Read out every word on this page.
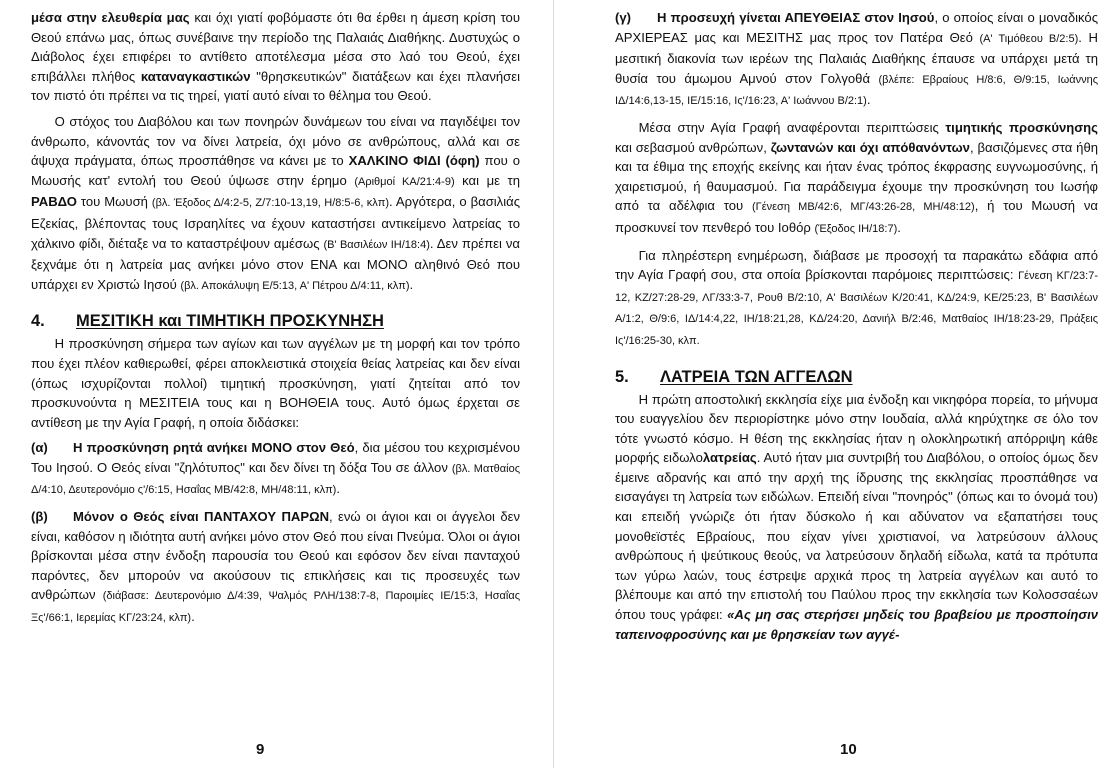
μέσα στην ελευθερία μας και όχι γιατί φοβόμαστε ότι θα έρθει η άμεση κρίση του Θεού επάνω μας, όπως συνέβαινε την περίοδο της Παλαιάς Διαθήκης. Δυστυχώς ο Διάβολος έχει επιφέρει το αντίθετο αποτέλεσμα μέσα στο λαό του Θεού, έχει επιβάλλει πλήθος καταναγκαστικών "θρησκευτικών" διατάξεων και έχει πλανήσει τον πιστό ότι πρέπει να τις τηρεί, γιατί αυτό είναι το θέλημα του Θεού.

Ο στόχος του Διαβόλου και των πονηρών δυνάμεων του είναι να παγιδέψει τον άνθρωπο, κάνοντάς τον να δίνει λατρεία, όχι μόνο σε ανθρώπους, αλλά και σε άψυχα πράγματα, όπως προσπάθησε να κάνει με το ΧΑΛΚΙΝΟ ΦΙΔΙ (όφη) που ο Μωυσής κατ' εντολή του Θεού ύψωσε στην έρημο (Αριθμοί ΚΑ/21:4-9) και με τη ΡΑΒΔΟ του Μωυσή (βλ. Έξοδος Δ/4:2-5, Ζ/7:10-13,19, Η/8:5-6, κλπ). Αργότερα, ο βασιλιάς Εζεκίας, βλέποντας τους Ισραηλίτες να έχουν καταστήσει αντικείμενο λατρείας το χάλκινο φίδι, διέταξε να το καταστρέψουν αμέσως (Β' Βασιλέων ΙΗ/18:4). Δεν πρέπει να ξεχνάμε ότι η λατρεία μας ανήκει μόνο στον ΕΝΑ και ΜΟΝΟ αληθινό Θεό που υπάρχει εν Χριστώ Ιησού (βλ. Αποκάλυψη Ε/5:13, Α' Πέτρου Δ/4:11, κλπ).

4. ΜΕΣΙΤΙΚΗ και ΤΙΜΗΤΙΚΗ ΠΡΟΣΚΥΝΗΣΗ

Η προσκύνηση σήμερα των αγίων και των αγγέλων με τη μορφή και τον τρόπο που έχει πλέον καθιερωθεί, φέρει αποκλειστικά στοιχεία θείας λατρείας και δεν είναι (όπως ισχυρίζονται πολλοί) τιμητική προσκύνηση, γιατί ζητείται από τον προσκυνούντα η ΜΕΣΙΤΕΙΑ τους και η ΒΟΗΘΕΙΑ τους. Αυτό όμως έρχεται σε αντίθεση με την Αγία Γραφή, η οποία διδάσκει:

(α) Η προσκύνηση ρητά ανήκει ΜΟΝΟ στον Θεό, δια μέσου του κεχρισμένου Του Ιησού. Ο Θεός είναι "ζηλότυπος" και δεν δίνει τη δόξα Του σε άλλον (βλ. Ματθαίος Δ/4:10, Δευτερονόμιο ς'/6:15, Ησαΐας ΜΒ/42:8, ΜΗ/48:11, κλπ).

(β) Μόνον ο Θεός είναι ΠΑΝΤΑΧΟΥ ΠΑΡΩΝ, ενώ οι άγιοι και οι άγγελοι δεν είναι, καθόσον η ιδιότητα αυτή ανήκει μόνο στον Θεό που είναι Πνεύμα. Όλοι οι άγιοι βρίσκονται μέσα στην ένδοξη παρουσία του Θεού και εφόσον δεν είναι πανταχού παρόντες, δεν μπορούν να ακούσουν τις επικλήσεις και τις προσευχές των ανθρώπων (διάβασε: Δευτερονόμιο Δ/4:39, Ψαλμός ΡΛΗ/138:7-8, Παροιμίες ΙΕ/15:3, Ησαΐας Ξς'/66:1, Ιερεμίας ΚΓ/23:24, κλπ).

9

(γ) Η προσευχή γίνεται ΑΠΕΥΘΕΙΑΣ στον Ιησού, ο οποίος είναι ο μοναδικός ΑΡΧΙΕΡΕΑΣ μας και ΜΕΣΙΤΗΣ μας προς τον Πατέρα Θεό (Α' Τιμόθεου Β/2:5). Η μεσιτική διακονία των ιερέων της Παλαιάς Διαθήκης έπαυσε να υπάρχει μετά τη θυσία του άμωμου Αμνού στον Γολγοθά (βλέπε: Εβραίους Η/8:6, Θ/9:15, Ιωάννης ΙΔ/14:6,13-15, ΙΕ/15:16, Ις'/16:23, Α' Ιωάννου Β/2:1).

Μέσα στην Αγία Γραφή αναφέρονται περιπτώσεις τιμητικής προσκύνησης και σεβασμού ανθρώπων, ζωντανών και όχι απόθανόντων, βασιζόμενες στα ήθη και τα έθιμα της εποχής εκείνης και ήταν ένας τρόπος έκφρασης ευγνωμοσύνης, ή χαιρετισμού, ή θαυμασμού. Για παράδειγμα έχουμε την προσκύνηση του Ιωσήφ από τα αδέλφια του (Γένεση ΜΒ/42:6, ΜΓ/43:26-28, ΜΗ/48:12), ή του Μωυσή να προσκυνεί τον πενθερό του Ιοθόρ (Έξοδος ΙΗ/18:7).

Για πληρέστερη ενημέρωση, διάβασε με προσοχή τα παρακάτω εδάφια από την Αγία Γραφή σου, στα οποία βρίσκονται παρόμοιες περιπτώσεις: Γένεση ΚΓ/23:7-12, ΚΖ/27:28-29, ΛΓ/33:3-7, Ρουθ Β/2:10, Α' Βασιλέων Κ/20:41, ΚΔ/24:9, ΚΕ/25:23, Β' Βασιλέων Α/1:2, Θ/9:6, ΙΔ/14:4,22, ΙΗ/18:21,28, ΚΔ/24:20, Δανιήλ Β/2:46, Ματθαίος ΙΗ/18:23-29, Πράξεις Ις'/16:25-30, κλπ.

5. ΛΑΤΡΕΙΑ ΤΩΝ ΑΓΓΕΛΩΝ

Η πρώτη αποστολική εκκλησία είχε μια ένδοξη και νικηφόρα πορεία, το μήνυμα του ευαγγελίου δεν περιορίστηκε μόνο στην Ιουδαία, αλλά κηρύχτηκε σε όλο τον τότε γνωστό κόσμο. Η θέση της εκκλησίας ήταν η ολοκληρωτική απόρριψη κάθε μορφής ειδωλολατρείας. Αυτό ήταν μια συντριβή του Διαβόλου, ο οποίος όμως δεν έμεινε αδρανής και από την αρχή της ίδρυσης της εκκλησίας προσπάθησε να εισαγάγει τη λατρεία των ειδώλων. Επειδή είναι "πονηρός" (όπως και το όνομά του) και επειδή γνώριζε ότι ήταν δύσκολο ή και αδύνατον να εξαπατήσει τους μονοθεϊστές Εβραίους, που είχαν γίνει χριστιανοί, να λατρεύσουν άλλους ανθρώπους ή ψεύτικους θεούς, να λατρεύσουν δηλαδή είδωλα, κατά τα πρότυπα των γύρω λαών, τους έστρεψε αρχικά προς τη λατρεία αγγέλων και αυτό το βλέπουμε και από την επιστολή του Παύλου προς την εκκλησία των Κολοσσαέων όπου τους γράφει: «Ας μη σας στερήσει μηδείς του βραβείου με προσποίησιν ταπεινοφροσύνης και με θρησκείαν των αγγέ-

10
